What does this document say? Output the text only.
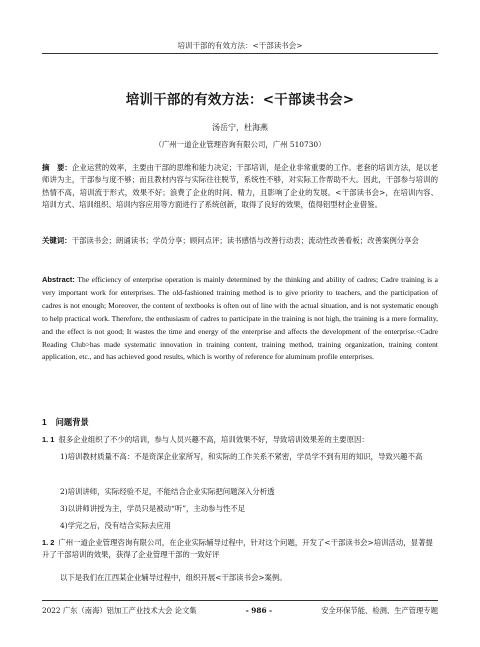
培训干部的有效方法：<干部读书会>
培训干部的有效方法：<干部读书会>
汤岳宁，杜海燕
（广州一道企业管理咨询有限公司，广州 510730）
摘　要：企业运营的效率，主要由干部的思维和能力决定；干部培训，是企业非常重要的工作。老套的培训方法，是以老师讲为主，干部参与度不够；而且教材内容与实际往往脱节，系统性不够，对实际工作帮助不大。因此，干部参与培训的热情不高，培训流于形式，效果不好；浪费了企业的时间、精力，且影响了企业的发展。<干部读书会>，在培训内容、培训方式、培训组织、培训内容应用等方面进行了系统创新，取得了良好的效果，值得铝型材企业借鉴。
关键词：干部读书会；朗诵读书；学员分享；顾问点评；读书感悟与改善行动表；流动性改善看板；改善案例分享会
Abstract: The efficiency of enterprise operation is mainly determined by the thinking and ability of cadres; Cadre training is a very important work for enterprises. The old-fashioned training method is to give priority to teachers, and the participation of cadres is not enough; Moreover, the content of textbooks is often out of line with the actual situation, and is not systematic enough to help practical work. Therefore, the enthusiasm of cadres to participate in the training is not high, the training is a mere formality, and the effect is not good; It wastes the time and energy of the enterprise and affects the development of the enterprise.<Cadre Reading Club>has made systematic innovation in training content, training method, training organization, training content application, etc., and has achieved good results, which is worthy of reference for aluminum profile enterprises.
1 问题背景
1. 1 很多企业组织了不少的培训，参与人员兴趣不高，培训效果不好，导致培训效果差的主要原因：
1)培训教材质量不高：不是资深企业家所写，和实际的工作关系不紧密，学员学不到有用的知识，导致兴趣不高
2)培训讲师，实际经验不足，不能结合企业实际把问题深入分析透
3)以讲师讲授为主，学员只是被动“听”，主动参与性不足
4)学完之后，没有结合实际去应用
1. 2 广州一道企业管理咨询有限公司，在企业实际辅导过程中，针对这个问题，开发了<干部读书会>培训活动，显著提升了干部培训的效果，获得了企业管理干部的一致好评
以下是我们在江西某企业辅导过程中，组织开展<干部读书会>案例。
2022 广东（南海）铝加工产业技术大会 论文集	- 986 -	安全环保节能、检测、生产管理专题
